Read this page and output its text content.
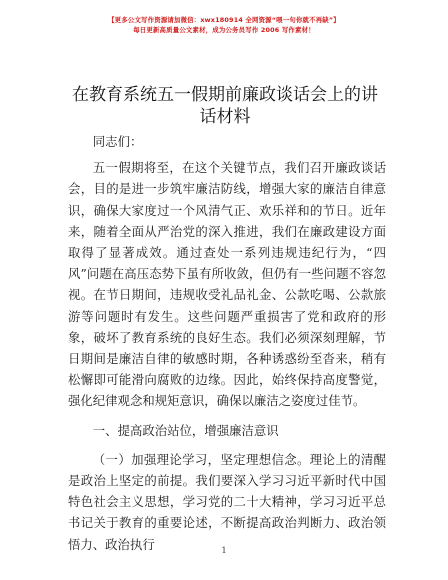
【更多公文写作资源请加微信：xwx180914 全网资源“喂一句你就不再缺”】
每日更新高质量公文素材，成为公务员写作 2006 写作素材！
在教育系统五一假期前廉政谈话会上的讲话材料

同志们：

五一假期将至，在这个关键节点，我们召开廉政谈话会，目的是进一步筑牢廉洁防线，增强大家的廉洁自律意识，确保大家度过一个风清气正、欢乐祥和的节日。近年来，随着全面从严治党的深入推进，我们在廉政建设方面取得了显著成效。通过查处一系列违规违纪行为，“四风”问题在高压态势下虽有所收敛，但仍有一些问题不容忽视。在节日期间，违规收受礼品礼金、公款吃喝、公款旅游等问题时有发生。这些问题严重损害了党和政府的形象，破坏了教育系统的良好生态。我们必须深刻理解，节日期间是廉洁自律的敏感时期，各种诱惑纷至沓来，稍有松懈即可能滑向腐败的边缘。因此，始终保持高度警觉，强化纪律观念和规矩意识，确保以廉洁之姿度过佳节。

一、提高政治站位，增强廉洁意识

（一）加强理论学习，坚定理想信念。理论上的清醒是政治上坚定的前提。我们要深入学习习近平新时代中国特色社会主义思想，学习党的二十大精神，学习习近平总书记关于教育的重要论述，不断提高政治判断力、政治领悟力、政治执行	1
